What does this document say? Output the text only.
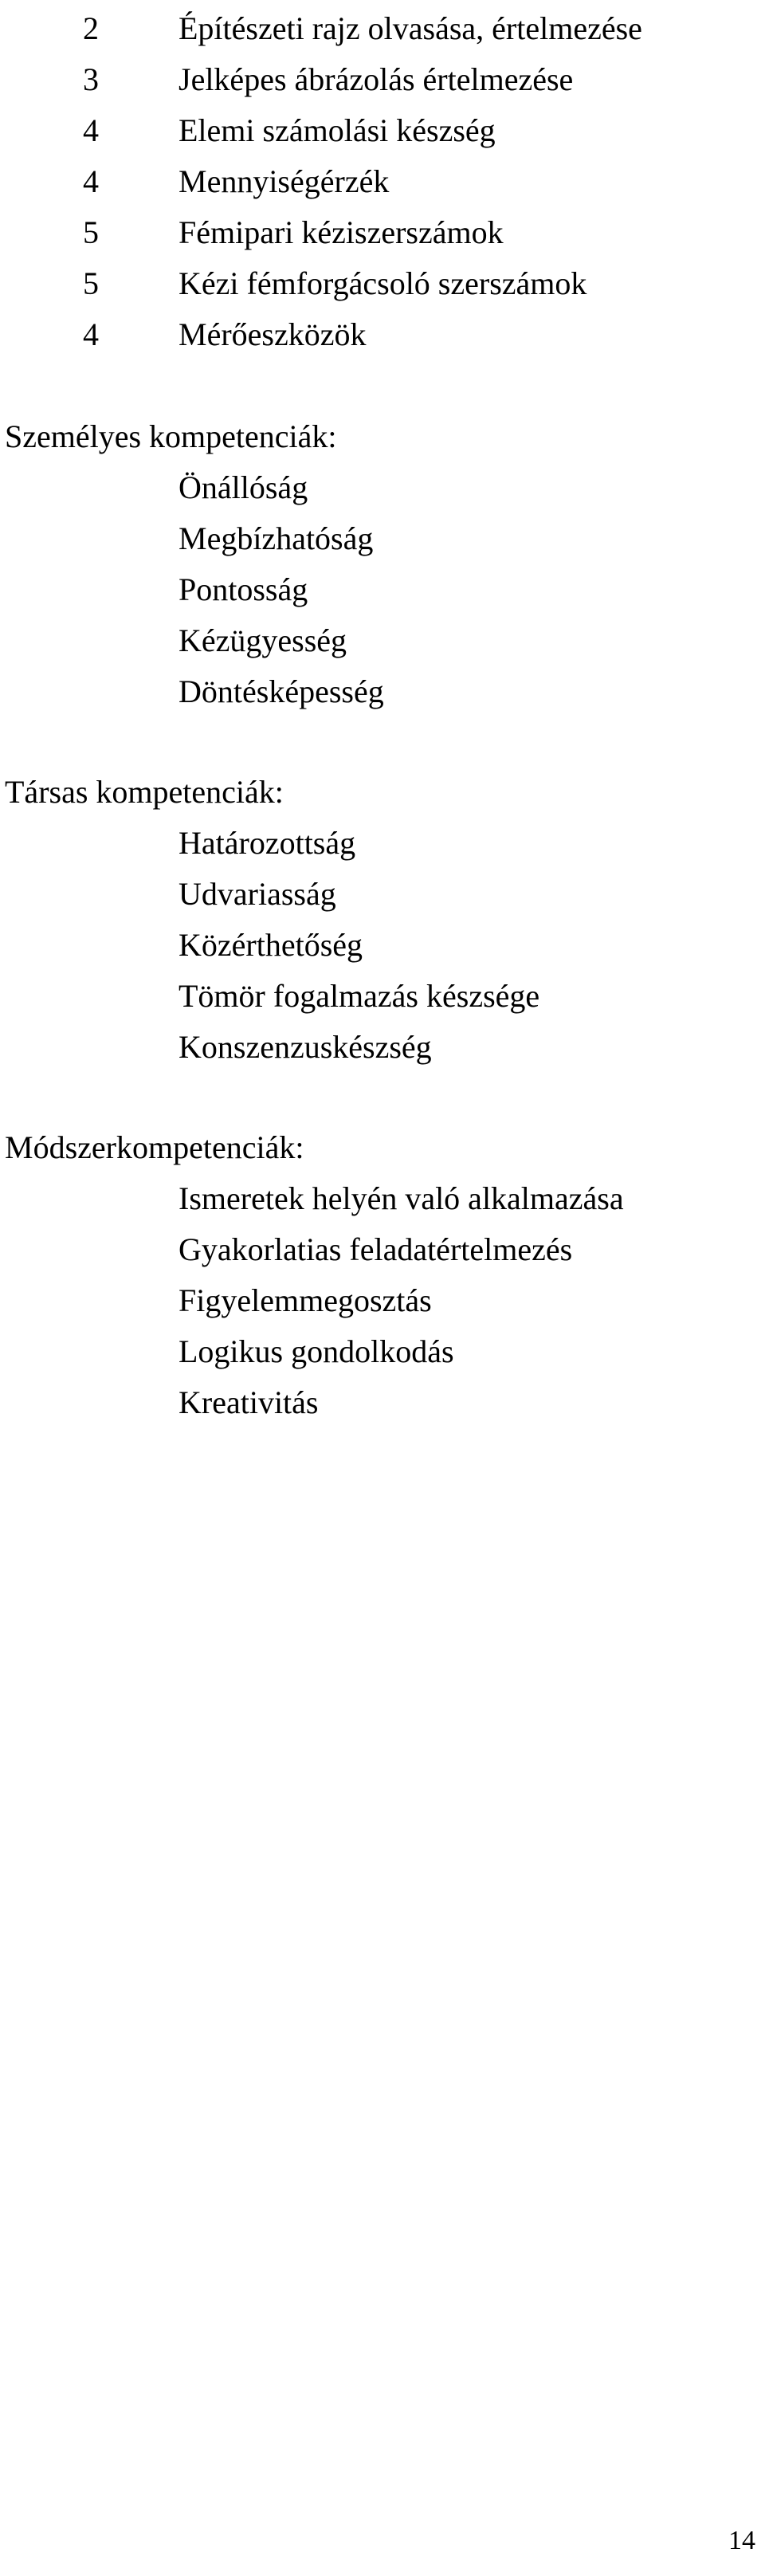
2	Építészeti rajz olvasása, értelmezése
3	Jelképes ábrázolás értelmezése
4	Elemi számolási készség
4	Mennyiségérzék
5	Fémipari kéziszerszámok
5	Kézi fémforgácsoló szerszámok
4	Mérőeszközök
Személyes kompetenciák:
Önállóság
Megbízhatóság
Pontosság
Kézügyesség
Döntésképesség
Társas kompetenciák:
Határozottság
Udvariasság
Közérthetőség
Tömör fogalmazás készsége
Konszenzuskészség
Módszerkompetenciák:
Ismeretek helyén való alkalmazása
Gyakorlatias feladatértelmezés
Figyelemmegosztás
Logikus gondolkodás
Kreativitás
14
